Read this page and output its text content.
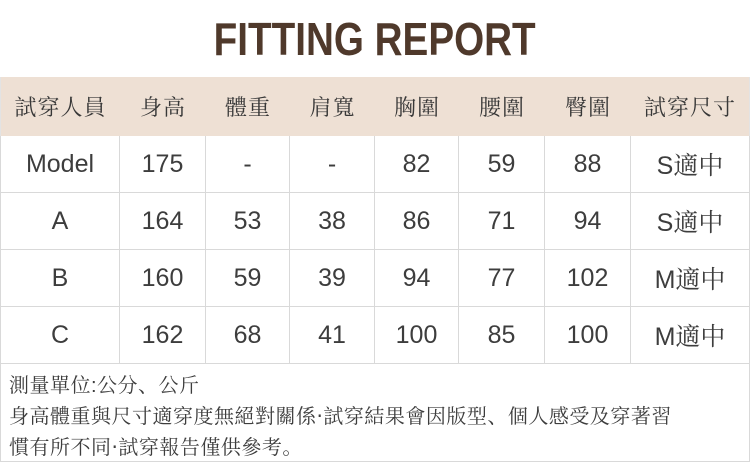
FITTING REPORT
試穿人員	身高	體重	肩寬	胸圍	腰圍	臀圍	試穿尺寸
Model	175	-	-	82	59	88	S適中
A	164	53	38	86	71	94	S適中
B	160	59	39	94	77	102	M適中
C	162	68	41	100	85	100	M適中
測量單位:公分、公斤
身高體重與尺寸適穿度無絕對關係‧試穿結果會因版型、個人感受及穿著習
慣有所不同‧試穿報告僅供參考。
